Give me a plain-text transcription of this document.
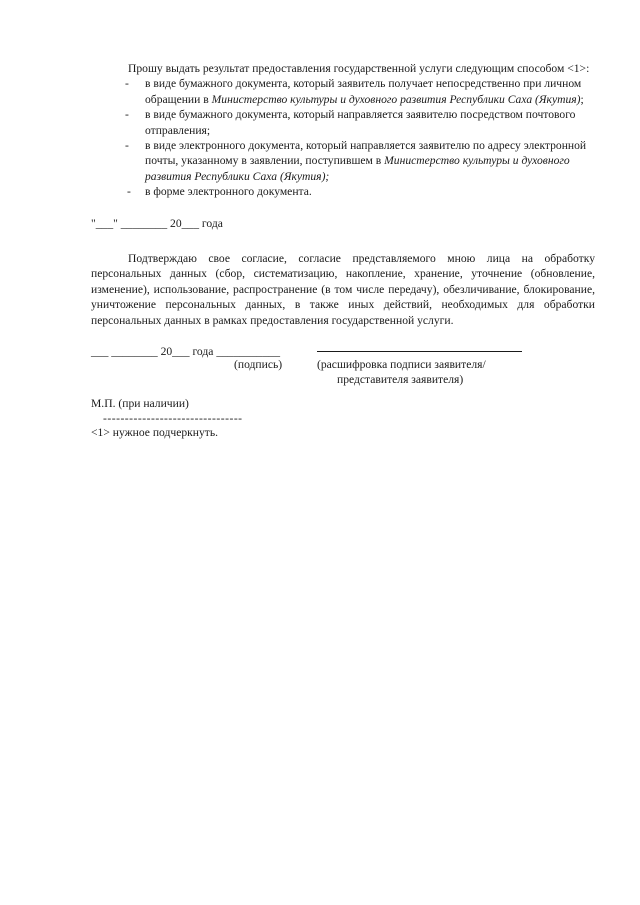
Прошу выдать результат предоставления государственной услуги следующим способом <1>:

- в виде бумажного документа, который заявитель получает непосредственно при личном обращении в Министерство культуры и духовного развития Республики Саха (Якутия);
- в виде бумажного документа, который направляется заявителю посредством почтового отправления;
- в виде электронного документа, который направляется заявителю по адресу электронной почты, указанному в заявлении, поступившем в Министерство культуры и духовного развития Республики Саха (Якутия);
- в форме электронного документа.

"___" ________ 20___ года

Подтверждаю свое согласие, согласие представляемого мною лица на обработку персональных данных (сбор, систематизацию, накопление, хранение, уточнение (обновление, изменение), использование, распространение (в том числе передачу), обезличивание, блокирование, уничтожение персональных данных, в также иных действий, необходимых для обработки персональных данных в рамках предоставления государственной услуги.

___ ________ 20___ года ___________
(подпись)	(расшифровка подписи заявителя/
представителя заявителя)

М.П. (при наличии)

--------------------------------

<1> нужное подчеркнуть.
